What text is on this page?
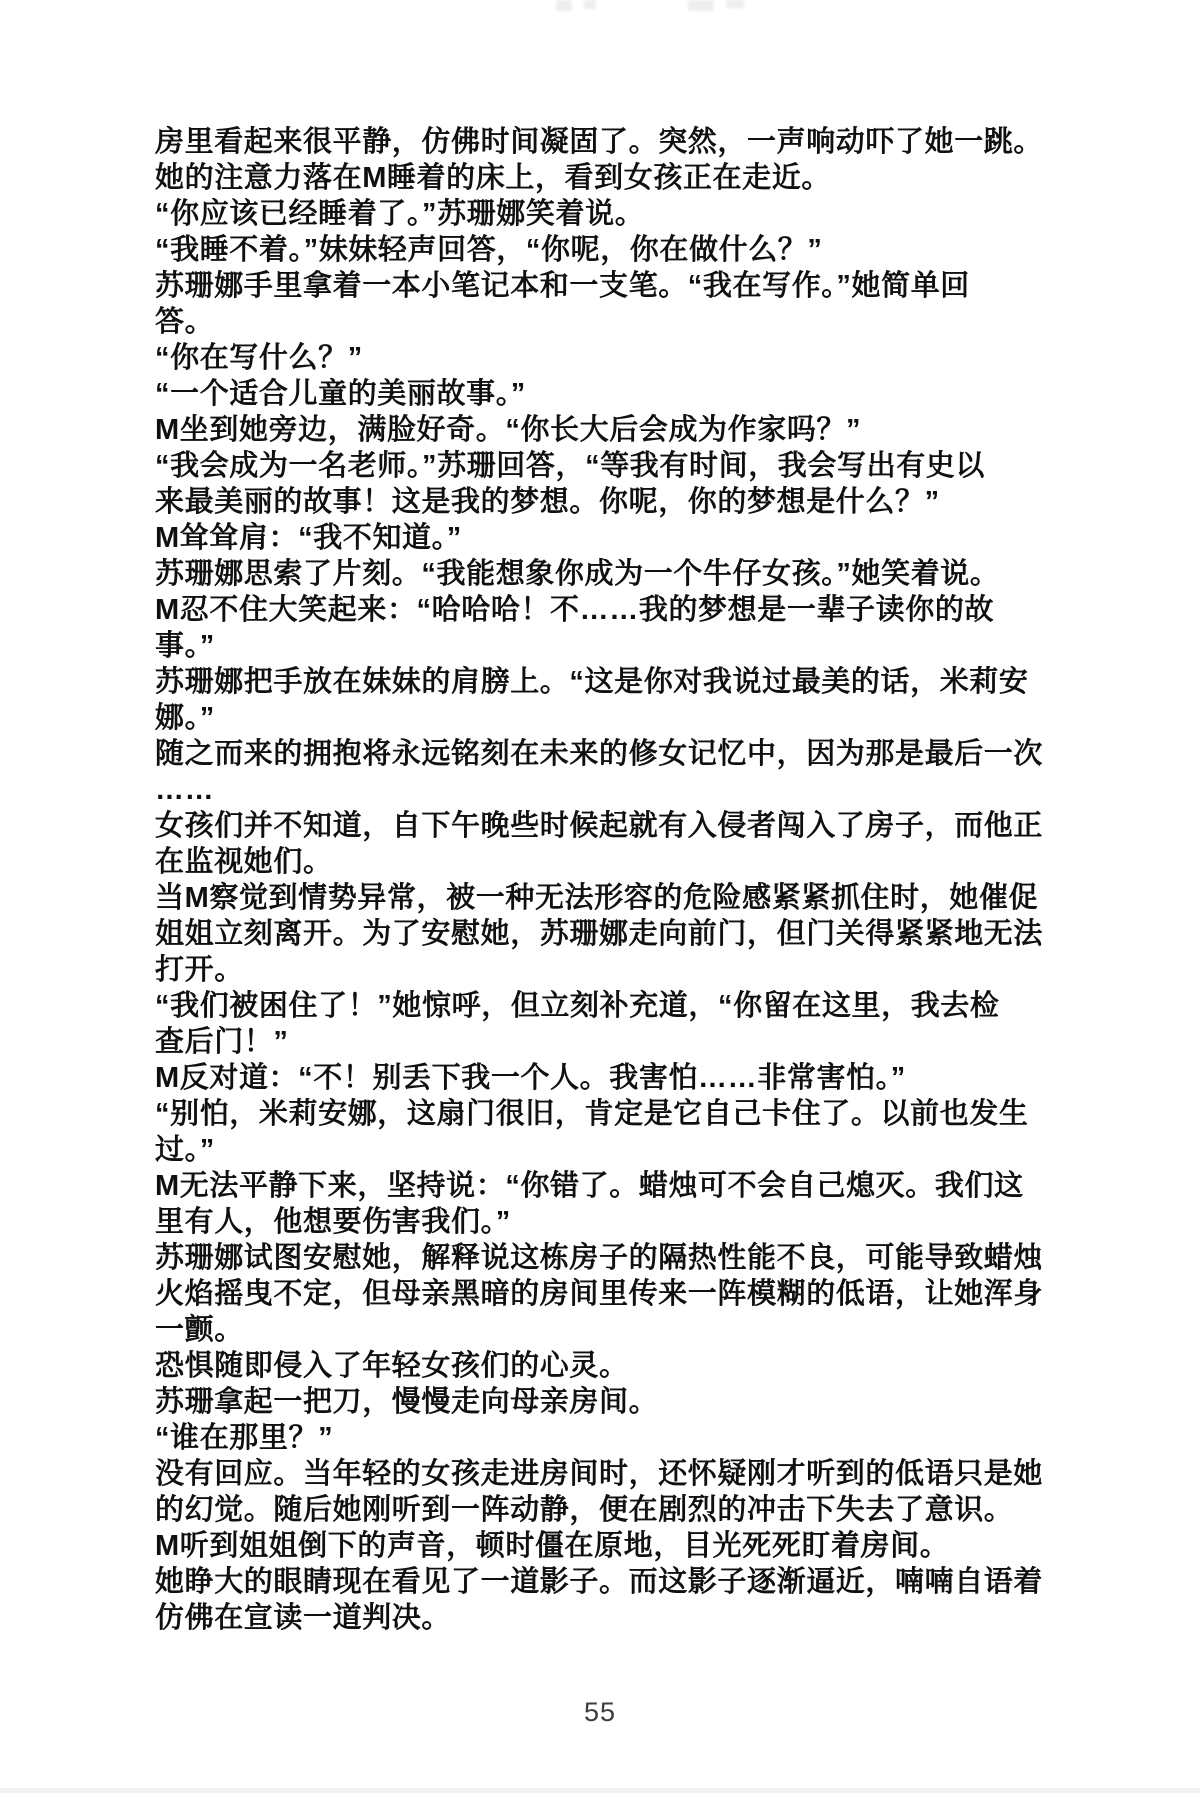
房里看起来很平静，仿佛时间凝固了。突然，一声响动吓了她一跳。
她的注意力落在M睡着的床上，看到女孩正在走近。
“你应该已经睡着了。”苏珊娜笑着说。
“我睡不着。”妹妹轻声回答，“你呢，你在做什么？”
苏珊娜手里拿着一本小笔记本和一支笔。“我在写作。”她简单回
答。
“你在写什么？”
“一个适合儿童的美丽故事。”
M坐到她旁边，满脸好奇。“你长大后会成为作家吗？”
“我会成为一名老师。”苏珊回答，“等我有时间，我会写出有史以
来最美丽的故事！这是我的梦想。你呢，你的梦想是什么？”
M耸耸肩：“我不知道。”
苏珊娜思索了片刻。“我能想象你成为一个牛仔女孩。”她笑着说。
M忍不住大笑起来：“哈哈哈！不……我的梦想是一辈子读你的故
事。”
苏珊娜把手放在妹妹的肩膀上。“这是你对我说过最美的话，米莉安
娜。”
随之而来的拥抱将永远铭刻在未来的修女记忆中，因为那是最后一次
……
女孩们并不知道，自下午晚些时候起就有入侵者闯入了房子，而他正
在监视她们。
当M察觉到情势异常，被一种无法形容的危险感紧紧抓住时，她催促
姐姐立刻离开。为了安慰她，苏珊娜走向前门，但门关得紧紧地无法
打开。
“我们被困住了！”她惊呼，但立刻补充道，“你留在这里，我去检
查后门！”
M反对道：“不！别丢下我一个人。我害怕……非常害怕。”
“别怕，米莉安娜，这扇门很旧，肯定是它自己卡住了。以前也发生
过。”
M无法平静下来，坚持说：“你错了。蜡烛可不会自己熄灭。我们这
里有人，他想要伤害我们。”
苏珊娜试图安慰她，解释说这栋房子的隔热性能不良，可能导致蜡烛
火焰摇曳不定，但母亲黑暗的房间里传来一阵模糊的低语，让她浑身
一颤。
恐惧随即侵入了年轻女孩们的心灵。
苏珊拿起一把刀，慢慢走向母亲房间。
“谁在那里？”
没有回应。当年轻的女孩走进房间时，还怀疑刚才听到的低语只是她
的幻觉。随后她刚听到一阵动静，便在剧烈的冲击下失去了意识。
M听到姐姐倒下的声音，顿时僵在原地，目光死死盯着房间。
她睁大的眼睛现在看见了一道影子。而这影子逐渐逼近，喃喃自语着
仿佛在宣读一道判决。
55
